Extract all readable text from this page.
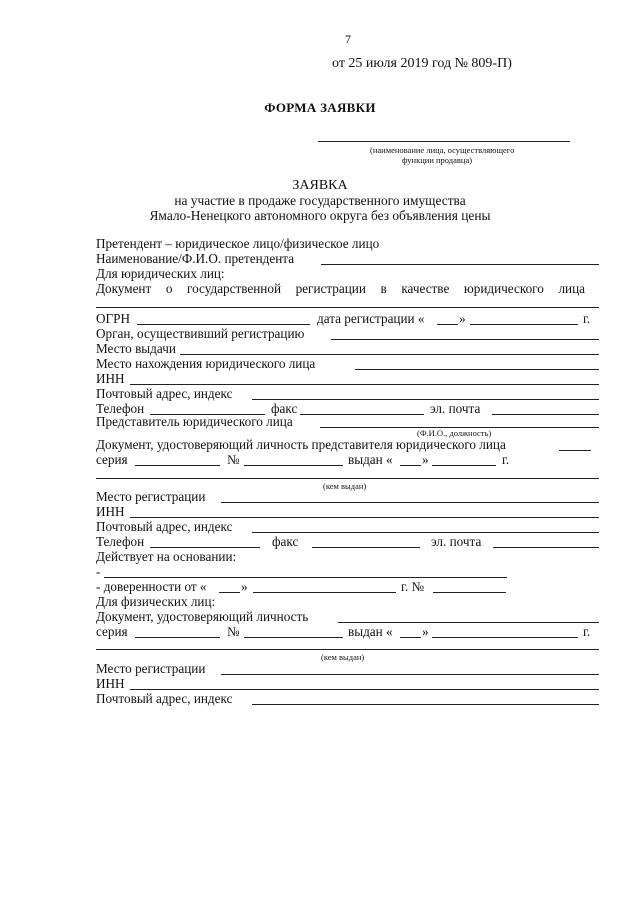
7
от 25 июля 2019 год № 809-П)
ФОРМА ЗАЯВКИ
(наименование лица, осуществляющего
функции продавца)
ЗАЯВКА
на участие в продаже государственного имущества
Ямало-Ненецкого автономного округа без объявления цены
Претендент – юридическое лицо/физическое лицо
Наименование/Ф.И.О. претендента
Для юридических лиц:
Документ о государственной регистрации в качестве юридического лица
ОГРН	дата регистрации «	»	г.
Орган, осуществивший регистрацию
Место выдачи
Место нахождения юридического лица
ИНН
Почтовый адрес, индекс
Телефон	факс	эл. почта
Представитель юридического лица
(Ф.И.О., должность)
Документ, удостоверяющий личность представителя юридического лица
серия	№	выдан « »	г.
(кем выдан)
Место регистрации
ИНН
Почтовый адрес, индекс
Телефон	факс	эл. почта
Действует на основании:
-
- доверенности от «	»	г. №
Для физических лиц:
Документ, удостоверяющий личность
серия	№	выдан « »	г.
(кем выдан)
Место регистрации
ИНН
Почтовый адрес, индекс
